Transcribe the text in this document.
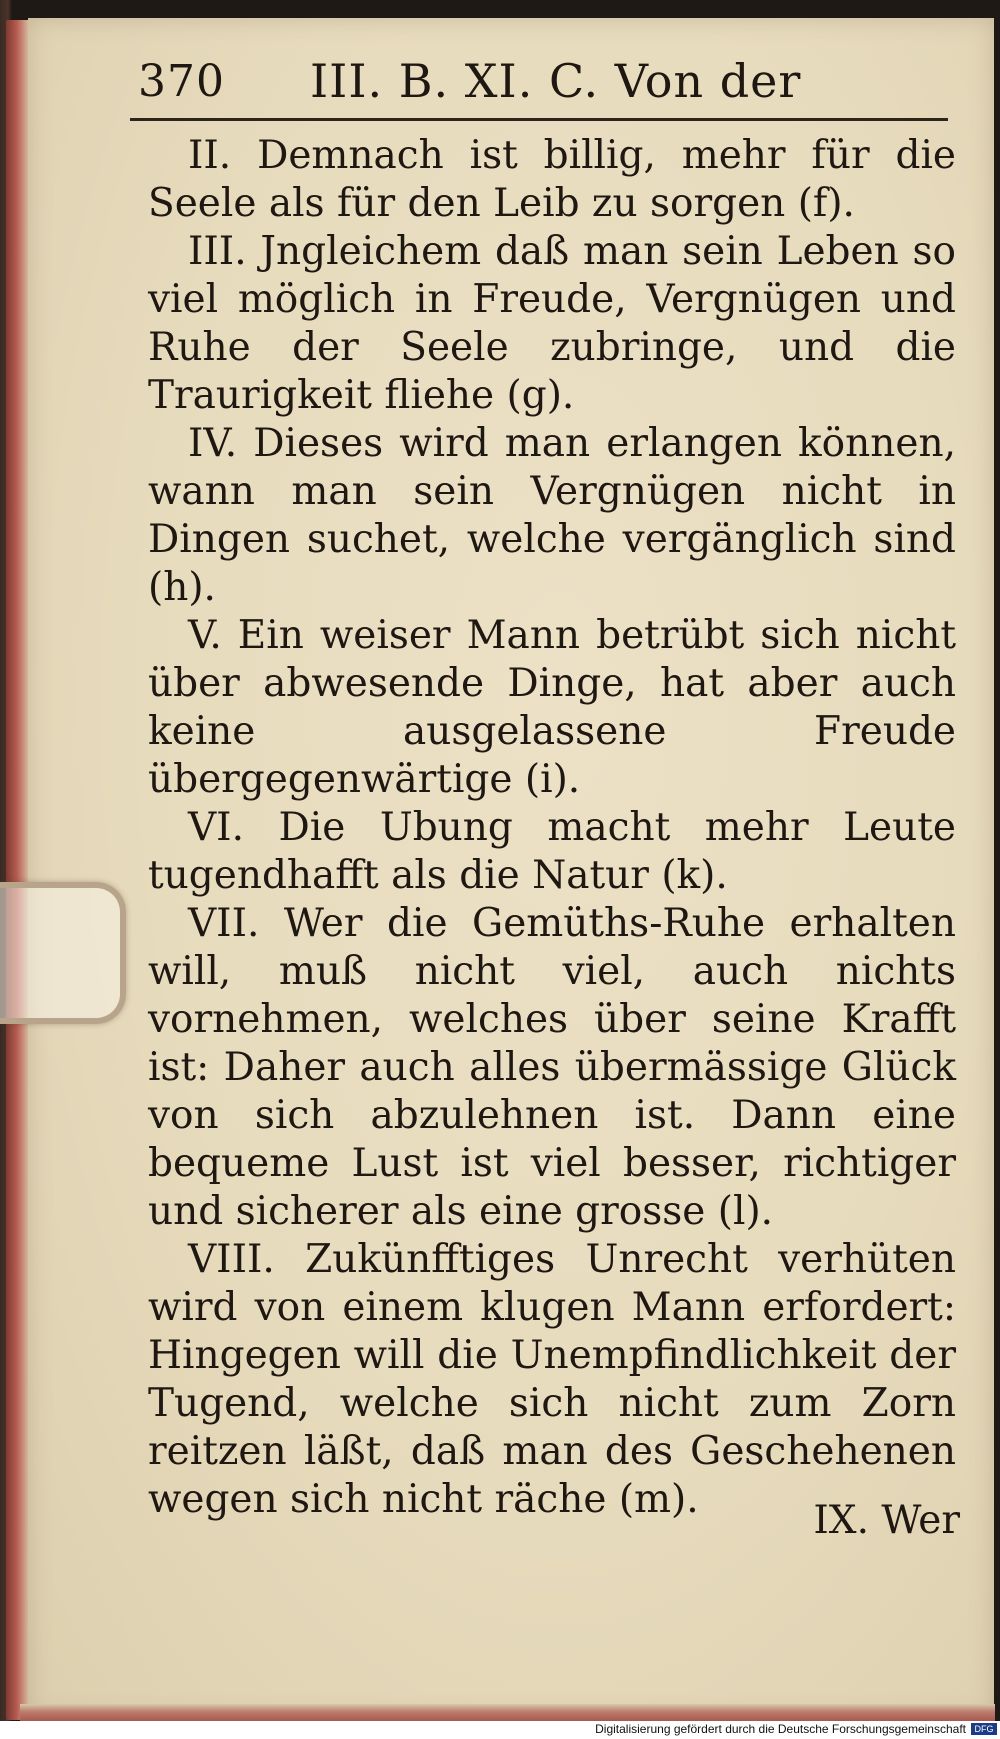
370 III. B. XI. C. Von der

II. Demnach ist billig, mehr für die Seele als für den Leib zu sorgen (f).

III. Jngleichem daß man sein Leben so viel möglich in Freude, Vergnügen und Ruhe der Seele zubringe, und die Traurigkeit fliehe (g).

IV. Dieses wird man erlangen können, wann man sein Vergnügen nicht in Dingen suchet, welche vergänglich sind (h).

V. Ein weiser Mann betrübt sich nicht über abwesende Dinge, hat aber auch keine ausgelassene Freude übergegenwärtige (i).

VI. Die Ubung macht mehr Leute tugendhafft als die Natur (k).

VII. Wer die Gemüths-Ruhe erhalten will, muß nicht viel, auch nichts vornehmen, welches über seine Krafft ist: Daher auch alles übermässige Glück von sich abzulehnen ist. Dann eine bequeme Lust ist viel besser, richtiger und sicherer als eine grosse (l).

VIII. Zukünfftiges Unrecht verhüten wird von einem klugen Mann erfordert: Hingegen will die Unempfindlichkeit der Tugend, welche sich nicht zum Zorn reitzen läßt, daß man des Geschehenen wegen sich nicht räche (m).	IX. Wer
Digitalisierung gefördert durch die Deutsche Forschungsgemeinschaft DFG
